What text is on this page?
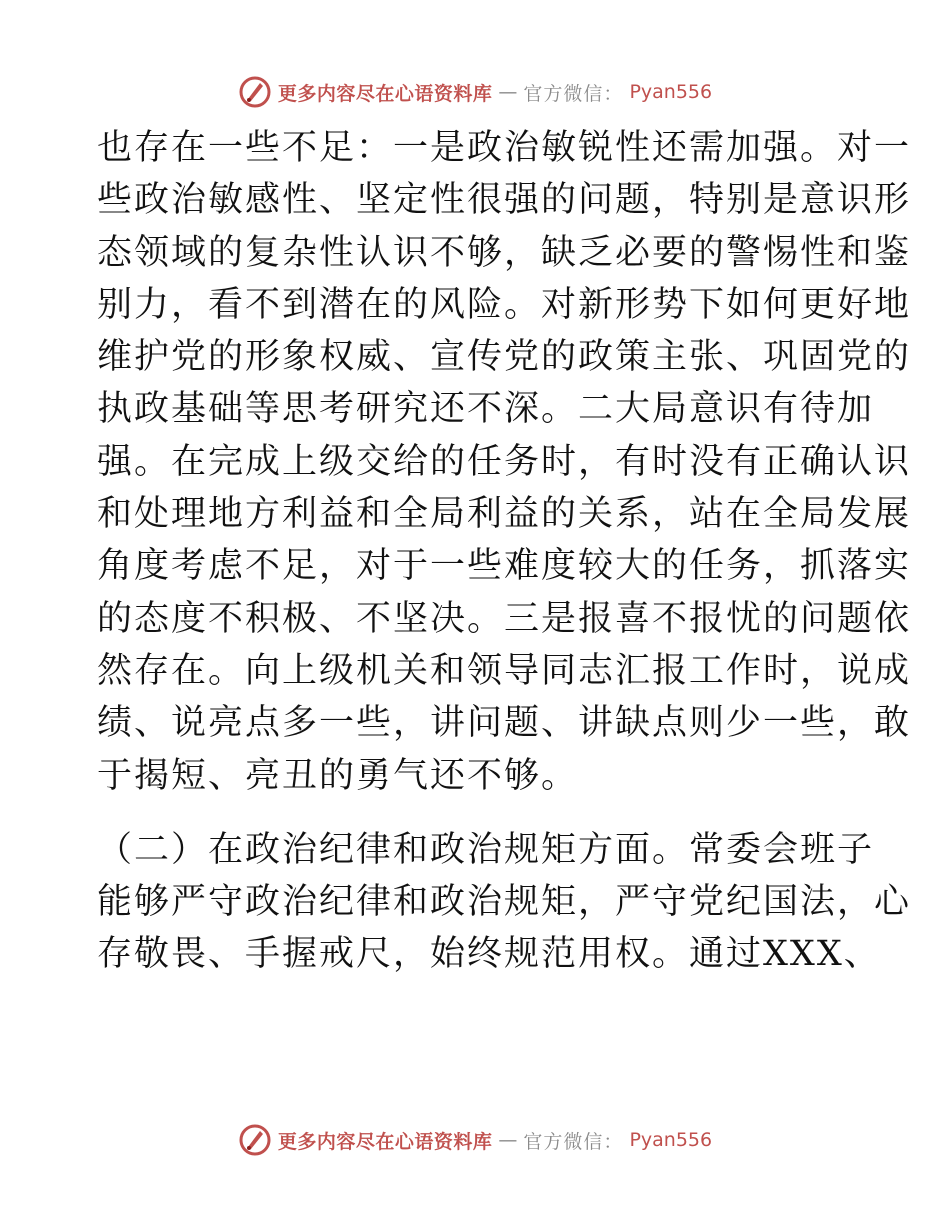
更多内容尽在心语资料库 — 官方微信： Pyan556
也存在一些不足：一是政治敏锐性还需加强。对一
些政治敏感性、坚定性很强的问题，特别是意识形
态领域的复杂性认识不够，缺乏必要的警惕性和鉴
别力，看不到潜在的风险。对新形势下如何更好地
维护党的形象权威、宣传党的政策主张、巩固党的
执政基础等思考研究还不深。二大局意识有待加
强。在完成上级交给的任务时，有时没有正确认识
和处理地方利益和全局利益的关系，站在全局发展
角度考虑不足，对于一些难度较大的任务，抓落实
的态度不积极、不坚决。三是报喜不报忧的问题依
然存在。向上级机关和领导同志汇报工作时，说成
绩、说亮点多一些，讲问题、讲缺点则少一些，敢
于揭短、亮丑的勇气还不够。
（二）在政治纪律和政治规矩方面。常委会班子
能够严守政治纪律和政治规矩，严守党纪国法，心
存敬畏、手握戒尺，始终规范用权。通过XXX、
更多内容尽在心语资料库 — 官方微信： Pyan556
